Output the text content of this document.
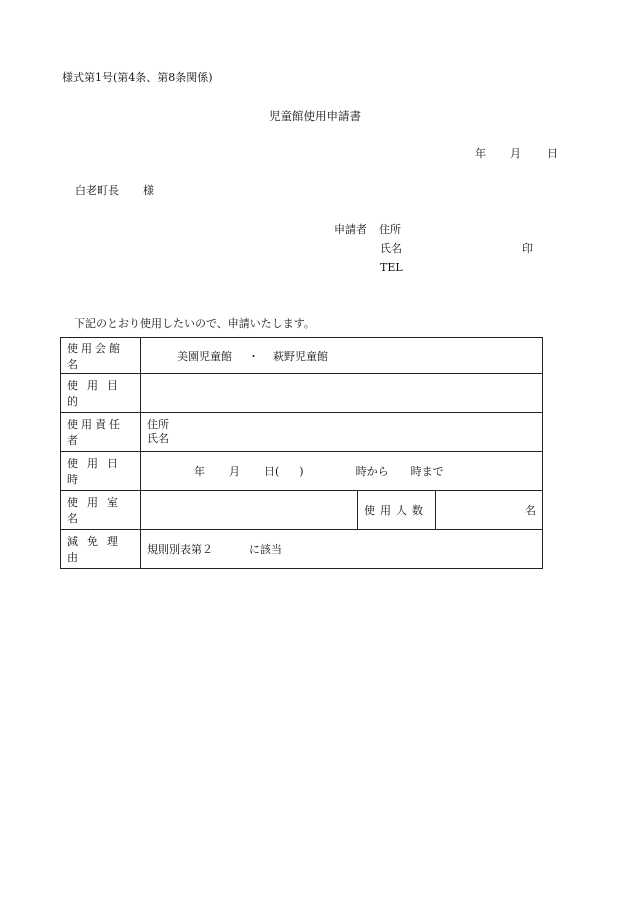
様式第1号(第4条、第8条関係)
児童館使用申請書
年 月 日
白老町長 様
申請者 住所
氏名	印
TEL
下記のとおり使用したいので、申請いたします。
使用会館名	美園児童館 ・ 萩野児童館		

使用目的			

使用責任者	住所
氏名		

使用日時	年 月 日( ) 時から 時まで		

使用室名		使用人数	名

減免理由	規則別表第２ に該当		
